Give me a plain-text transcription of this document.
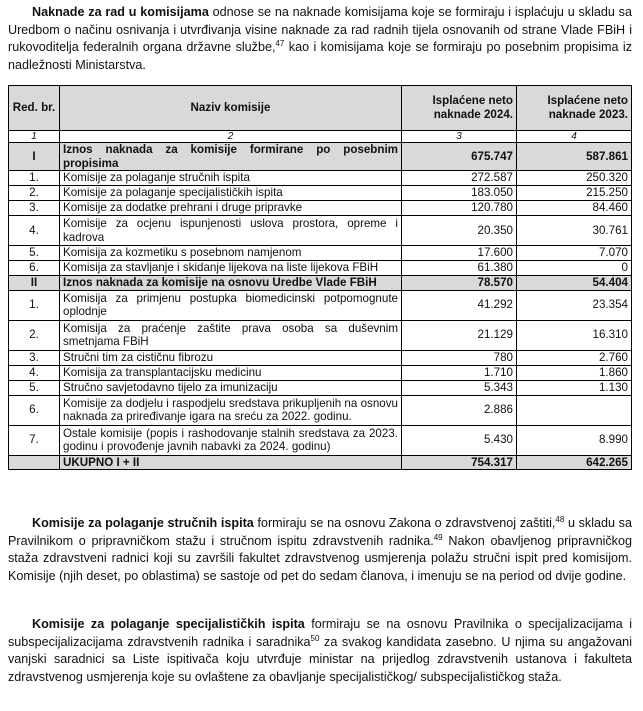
Naknade za rad u komisijama odnose se na naknade komisijama koje se formiraju i isplaćuju u skladu sa Uredbom o načinu osnivanja i utvrđivanja visine naknade za rad radnih tijela osnovanih od strane Vlade FBiH i rukovoditelja federalnih organa državne službe,$^{47}$ kao i komisijama koje se formiraju po posebnim propisima iz nadležnosti Ministarstva.

Red. br.	Naziv komisije	Isplaćene neto naknade 2024.	Isplaćene neto naknade 2023.
1	2	3	4
I	Iznos naknada za komisije formirane po posebnim propisima	675.747	587.861
1.	Komisije za polaganje stručnih ispita	272.587	250.320
2.	Komisije za polaganje specijalističkih ispita	183.050	215.250
3.	Komisije za dodatke prehrani i druge pripravke	120.780	84.460
4.	Komisije za ocjenu ispunjenosti uslova prostora, opreme i kadrova	20.350	30.761
5.	Komisija za kozmetiku s posebnom namjenom	17.600	7.070
6.	Komisija za stavljanje i skidanje lijekova na liste lijekova FBiH	61.380	0
II	Iznos naknada za komisije na osnovu Uredbe Vlade FBiH	78.570	54.404
1.	Komisija za primjenu postupka biomedicinski potpomognute oplodnje	41.292	23.354
2.	Komisija za praćenje zaštite prava osoba sa duševnim smetnjama FBiH	21.129	16.310
3.	Stručni tim za cističnu fibrozu	780	2.760
4.	Komisija za transplantacijsku medicinu	1.710	1.860
5.	Stručno savjetodavno tijelo za imunizaciju	5.343	1.130
6.	Komisije za dodjelu i raspodjelu sredstava prikupljenih na osnovu naknada za priređivanje igara na sreću za 2022. godinu.	2.886	
7.	Ostale komisije (popis i rashodovanje stalnih sredstava za 2023. godinu i provođenje javnih nabavki za 2024. godinu)	5.430	8.990
	UKUPNO I + II	754.317	642.265

Komisije za polaganje stručnih ispita formiraju se na osnovu Zakona o zdravstvenoj zaštiti,$^{48}$ u skladu sa Pravilnikom o pripravničkom stažu i stručnom ispitu zdravstvenih radnika.$^{49}$ Nakon obavljenog pripravničkog staža zdravstveni radnici koji su završili fakultet zdravstvenog usmjerenja polažu stručni ispit pred komisijom. Komisije (njih deset, po oblastima) se sastoje od pet do sedam članova, i imenuju se na period od dvije godine.

Komisije za polaganje specijalističkih ispita formiraju se na osnovu Pravilnika o specijalizacijama i subspecijalizacijama zdravstvenih radnika i saradnika$^{50}$ za svakog kandidata zasebno. U njima su angažovani vanjski saradnici sa Liste ispitivača koju utvrđuje ministar na prijedlog zdravstvenih ustanova i fakulteta zdravstvenog usmjerenja koje su ovlaštene za obavljanje specijalističkog/ subspecijalističkog staža.
